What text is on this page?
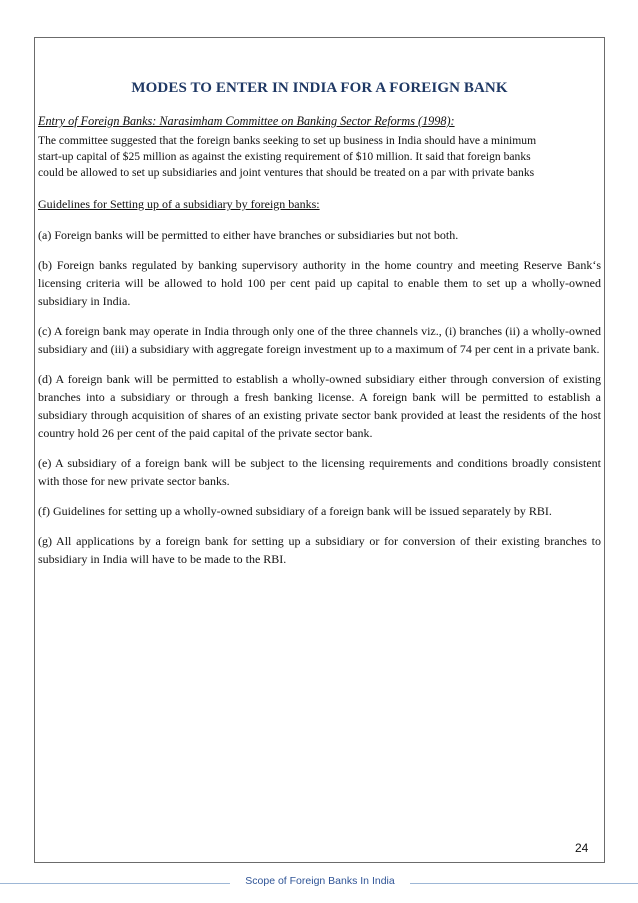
MODES TO ENTER IN INDIA FOR A FOREIGN BANK

Entry of Foreign Banks: Narasimham Committee on Banking Sector Reforms (1998):

The committee suggested that the foreign banks seeking to set up business in India should have a minimum
start-up capital of $25 million as against the existing requirement of $10 million. It said that foreign banks
could be allowed to set up subsidiaries and joint ventures that should be treated on a par with private banks

Guidelines for Setting up of a subsidiary by foreign banks:

(a) Foreign banks will be permitted to either have branches or subsidiaries but not both.

(b) Foreign banks regulated by banking supervisory authority in the home country and meeting Reserve Bank‘s licensing criteria will be allowed to hold 100 per cent paid up capital to enable them to set up a wholly-owned subsidiary in India.

(c) A foreign bank may operate in India through only one of the three channels viz., (i) branches (ii) a wholly-owned subsidiary and (iii) a subsidiary with aggregate foreign investment up to a maximum of 74 per cent in a private bank.

(d) A foreign bank will be permitted to establish a wholly-owned subsidiary either through conversion of existing branches into a subsidiary or through a fresh banking license. A foreign bank will be permitted to establish a subsidiary through acquisition of shares of an existing private sector bank provided at least the residents of the host country hold 26 per cent of the paid capital of the private sector bank.

(e) A subsidiary of a foreign bank will be subject to the licensing requirements and conditions broadly consistent with those for new private sector banks.

(f) Guidelines for setting up a wholly-owned subsidiary of a foreign bank will be issued separately by RBI.

(g) All applications by a foreign bank for setting up a subsidiary or for conversion of their existing branches to subsidiary in India will have to be made to the RBI.

24
Scope of Foreign Banks In India
